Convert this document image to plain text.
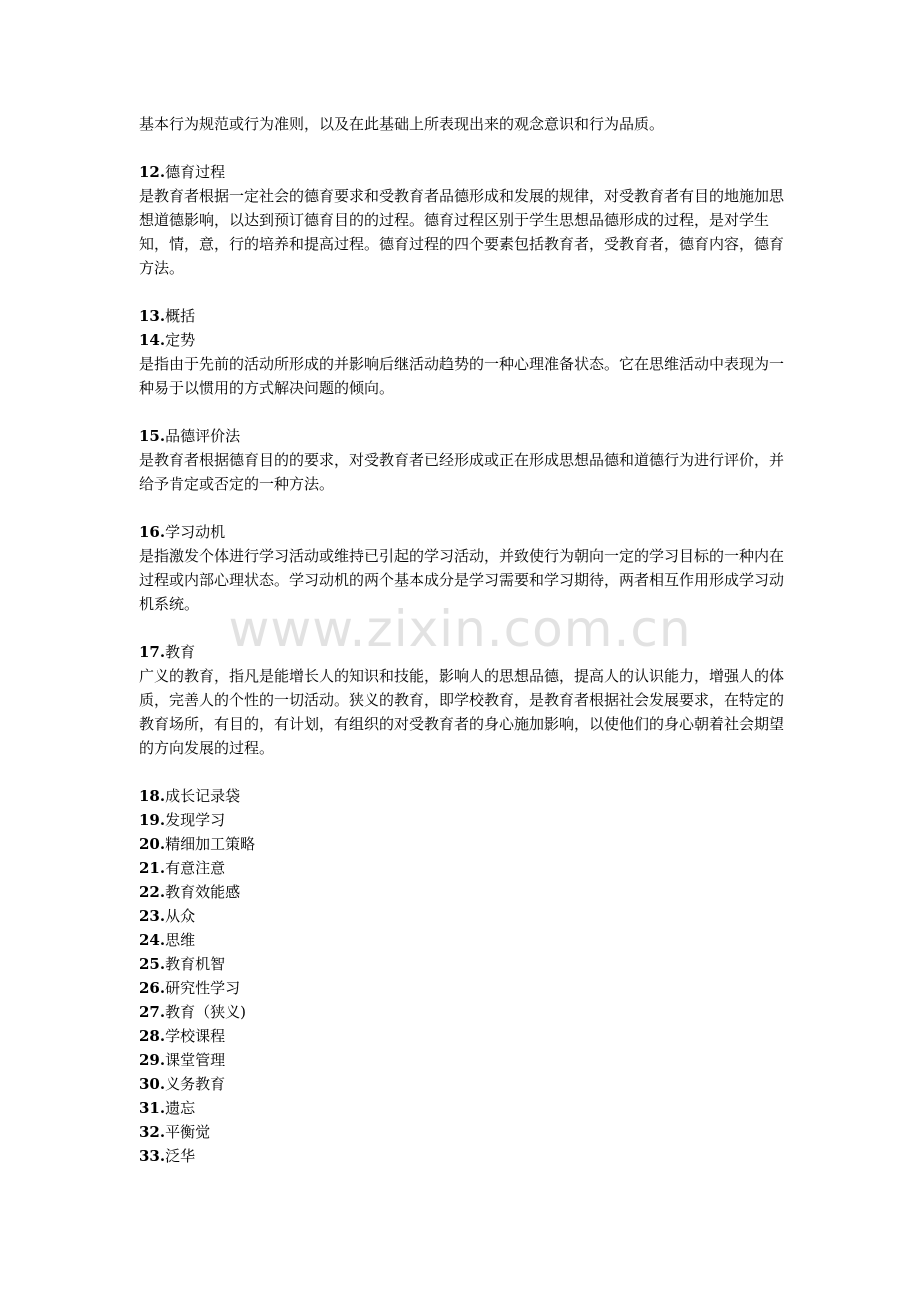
基本行为规范或行为准则，以及在此基础上所表现出来的观念意识和行为品质。

12.德育过程

是教育者根据一定社会的德育要求和受教育者品德形成和发展的规律，对受教育者有目的地施加思想道德影响，以达到预订德育目的的过程。德育过程区别于学生思想品德形成的过程，是对学生知，情，意，行的培养和提高过程。德育过程的四个要素包括教育者，受教育者，德育内容，德育方法。

13.概括

14.定势

是指由于先前的活动所形成的并影响后继活动趋势的一种心理准备状态。它在思维活动中表现为一种易于以惯用的方式解决问题的倾向。

15.品德评价法

是教育者根据德育目的的要求，对受教育者已经形成或正在形成思想品德和道德行为进行评价，并给予肯定或否定的一种方法。

16.学习动机

是指激发个体进行学习活动或维持已引起的学习活动，并致使行为朝向一定的学习目标的一种内在过程或内部心理状态。学习动机的两个基本成分是学习需要和学习期待，两者相互作用形成学习动机系统。

17.教育

广义的教育，指凡是能增长人的知识和技能，影响人的思想品德，提高人的认识能力，增强人的体质，完善人的个性的一切活动。狭义的教育，即学校教育，是教育者根据社会发展要求，在特定的教育场所，有目的，有计划，有组织的对受教育者的身心施加影响，以使他们的身心朝着社会期望的方向发展的过程。

18.成长记录袋

19.发现学习

20.精细加工策略

21.有意注意

22.教育效能感

23.从众

24.思维

25.教育机智

26.研究性学习

27.教育（狭义)

28.学校课程

29.课堂管理

30.义务教育

31.遗忘

32.平衡觉

33.泛华

www.zixin.com.cn
